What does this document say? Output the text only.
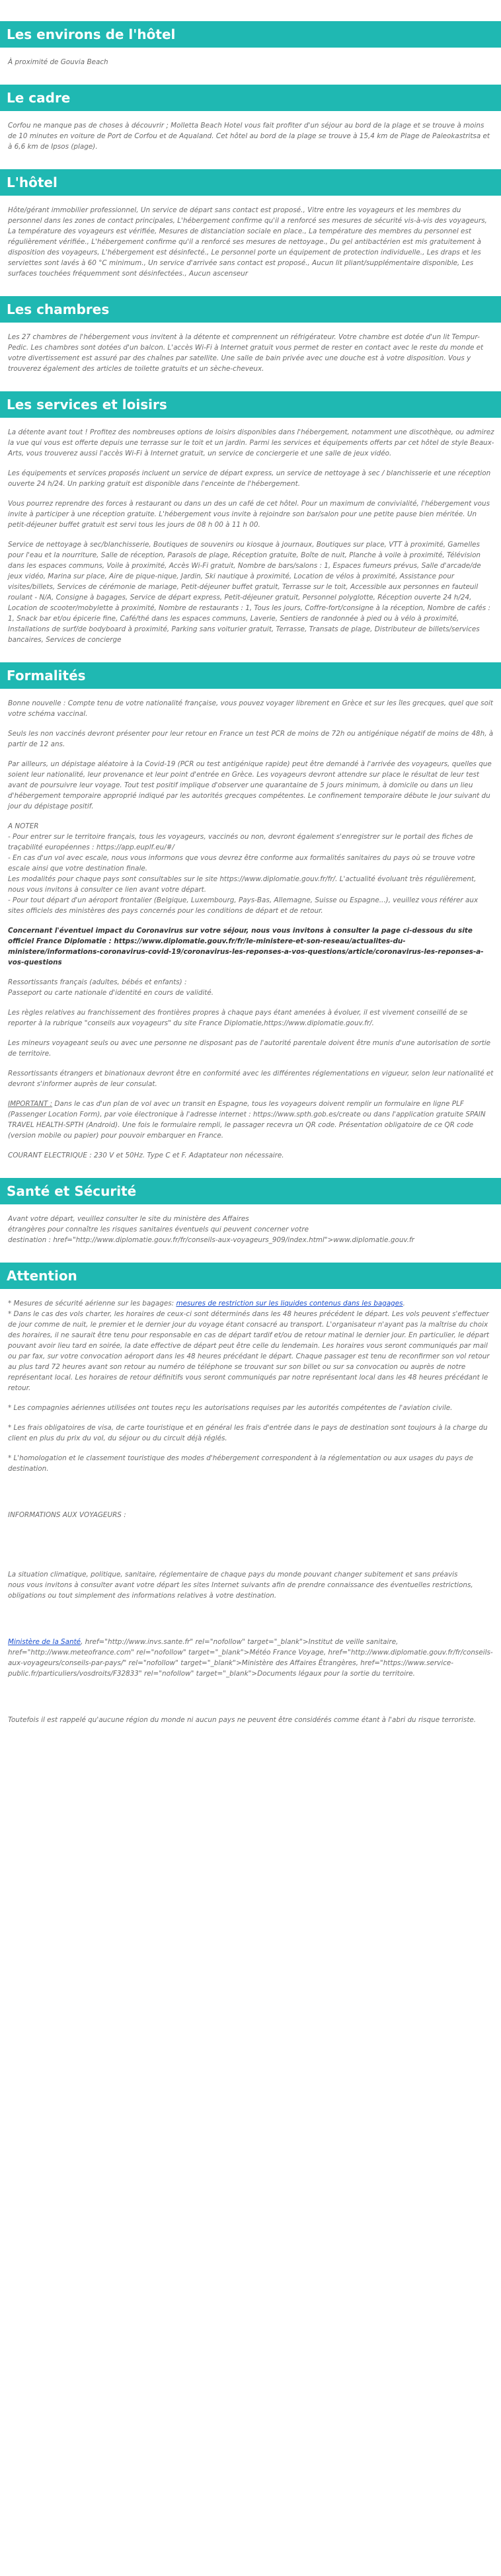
Les environs de l'hôtel

À proximité de Gouvia Beach

Le cadre

Corfou ne manque pas de choses à découvrir ; Molletta Beach Hotel vous fait profiter d'un séjour au bord de la plage et se trouve à moins de 10 minutes en voiture de Port de Corfou et de Aqualand. Cet hôtel au bord de la plage se trouve à 15,4 km de Plage de Paleokastritsa et à 6,6 km de Ipsos (plage).

L'hôtel

Hôte/gérant immobilier professionnel, Un service de départ sans contact est proposé., Vitre entre les voyageurs et les membres du personnel dans les zones de contact principales, L'hébergement confirme qu'il a renforcé ses mesures de sécurité vis-à-vis des voyageurs, La température des voyageurs est vérifiée, Mesures de distanciation sociale en place., La température des membres du personnel est régulièrement vérifiée., L'hébergement confirme qu'il a renforcé ses mesures de nettoyage., Du gel antibactérien est mis gratuitement à disposition des voyageurs, L'hébergement est désinfecté., Le personnel porte un équipement de protection individuelle., Les draps et les serviettes sont lavés à 60 °C minimum., Un service d'arrivée sans contact est proposé., Aucun lit pliant/supplémentaire disponible, Les surfaces touchées fréquemment sont désinfectées., Aucun ascenseur

Les chambres

Les 27 chambres de l'hébergement vous invitent à la détente et comprennent un réfrigérateur. Votre chambre est dotée d'un lit Tempur-Pedic. Les chambres sont dotées d'un balcon. L'accès Wi-Fi à Internet gratuit vous permet de rester en contact avec le reste du monde et votre divertissement est assuré par des chaînes par satellite. Une salle de bain privée avec une douche est à votre disposition. Vous y trouverez également des articles de toilette gratuits et un sèche-cheveux.

Les services et loisirs

La détente avant tout ! Profitez des nombreuses options de loisirs disponibles dans l'hébergement, notamment une discothèque, ou admirez la vue qui vous est offerte depuis une terrasse sur le toit et un jardin. Parmi les services et équipements offerts par cet hôtel de style Beaux-Arts, vous trouverez aussi l'accès Wi-Fi à Internet gratuit, un service de conciergerie et une salle de jeux vidéo.

Les équipements et services proposés incluent un service de départ express, un service de nettoyage à sec / blanchisserie et une réception ouverte 24 h/24. Un parking gratuit est disponible dans l'enceinte de l'hébergement.

Vous pourrez reprendre des forces à restaurant ou dans un des un café de cet hôtel. Pour un maximum de convivialité, l'hébergement vous invite à participer à une réception gratuite. L'hébergement vous invite à rejoindre son bar/salon pour une petite pause bien méritée. Un petit-déjeuner buffet gratuit est servi tous les jours de 08 h 00 à 11 h 00.

Service de nettoyage à sec/blanchisserie, Boutiques de souvenirs ou kiosque à journaux, Boutiques sur place, VTT à proximité, Gamelles pour l'eau et la nourriture, Salle de réception, Parasols de plage, Réception gratuite, Boîte de nuit, Planche à voile à proximité, Télévision dans les espaces communs, Voile à proximité, Accès Wi-Fi gratuit, Nombre de bars/salons : 1, Espaces fumeurs prévus, Salle d'arcade/de jeux vidéo, Marina sur place, Aire de pique-nique, Jardin, Ski nautique à proximité, Location de vélos à proximité, Assistance pour visites/billets, Services de cérémonie de mariage, Petit-déjeuner buffet gratuit, Terrasse sur le toit, Accessible aux personnes en fauteuil roulant - N/A, Consigne à bagages, Service de départ express, Petit-déjeuner gratuit, Personnel polyglotte, Réception ouverte 24 h/24, Location de scooter/mobylette à proximité, Nombre de restaurants : 1, Tous les jours, Coffre-fort/consigne à la réception, Nombre de cafés : 1, Snack bar et/ou épicerie fine, Café/thé dans les espaces communs, Laverie, Sentiers de randonnée à pied ou à vélo à proximité, Installations de surf/de bodyboard à proximité, Parking sans voiturier gratuit, Terrasse, Transats de plage, Distributeur de billets/services bancaires, Services de concierge

Formalités

Bonne nouvelle : Compte tenu de votre nationalité française, vous pouvez voyager librement en Grèce et sur les îles grecques, quel que soit votre schéma vaccinal.

Seuls les non vaccinés devront présenter pour leur retour en France un test PCR de moins de 72h ou antigénique négatif de moins de 48h, à partir de 12 ans.

Par ailleurs, un dépistage aléatoire à la Covid-19 (PCR ou test antigénique rapide) peut être demandé à l'arrivée des voyageurs, quelles que soient leur nationalité, leur provenance et leur point d'entrée en Grèce. Les voyageurs devront attendre sur place le résultat de leur test avant de poursuivre leur voyage. Tout test positif implique d'observer une quarantaine de 5 jours minimum, à domicile ou dans un lieu d'hébergement temporaire approprié indiqué par les autorités grecques compétentes. Le confinement temporaire débute le jour suivant du jour du dépistage positif.

A NOTER
- Pour entrer sur le territoire français, tous les voyageurs, vaccinés ou non, devront également s'enregistrer sur le portail des fiches de traçabilité européennes : https://app.euplf.eu/#/
- En cas d'un vol avec escale, nous vous informons que vous devrez être conforme aux formalités sanitaires du pays où se trouve votre escale ainsi que votre destination finale.
Les modalités pour chaque pays sont consultables sur le site https://www.diplomatie.gouv.fr/fr/. L'actualité évoluant très régulièrement, nous vous invitons à consulter ce lien avant votre départ.
- Pour tout départ d'un aéroport frontalier (Belgique, Luxembourg, Pays-Bas, Allemagne, Suisse ou Espagne...), veuillez vous référer aux sites officiels des ministères des pays concernés pour les conditions de départ et de retour.

Concernant l'éventuel impact du Coronavirus sur votre séjour, nous vous invitons à consulter la page ci-dessous du site officiel France Diplomatie : https://www.diplomatie.gouv.fr/fr/le-ministere-et-son-reseau/actualites-du-ministere/informations-coronavirus-covid-19/coronavirus-les-reponses-a-vos-questions/article/coronavirus-les-reponses-a-vos-questions

Ressortissants français (adultes, bébés et enfants) :
Passeport ou carte nationale d'identité en cours de validité.

Les règles relatives au franchissement des frontières propres à chaque pays étant amenées à évoluer, il est vivement conseillé de se reporter à la rubrique "conseils aux voyageurs" du site France Diplomatie,https://www.diplomatie.gouv.fr/.

Les mineurs voyageant seuls ou avec une personne ne disposant pas de l'autorité parentale doivent être munis d'une autorisation de sortie de territoire.

Ressortissants étrangers et binationaux devront être en conformité avec les différentes réglementations en vigueur, selon leur nationalité et devront s'informer auprès de leur consulat.

IMPORTANT : Dans le cas d'un plan de vol avec un transit en Espagne, tous les voyageurs doivent remplir un formulaire en ligne PLF (Passenger Location Form), par voie électronique à l'adresse internet : https://www.spth.gob.es/create ou dans l'application gratuite SPAIN TRAVEL HEALTH-SPTH (Android). Une fois le formulaire rempli, le passager recevra un QR code. Présentation obligatoire de ce QR code (version mobile ou papier) pour pouvoir embarquer en France.

COURANT ELECTRIQUE : 230 V et 50Hz. Type C et F. Adaptateur non nécessaire.

Santé et Sécurité

Avant votre départ, veuillez consulter le site du ministère des Affaires
étrangères pour connaître les risques sanitaires éventuels qui peuvent concerner votre
destination : href="http://www.diplomatie.gouv.fr/fr/conseils-aux-voyageurs_909/index.html">www.diplomatie.gouv.fr

Attention

* Mesures de sécurité aérienne sur les bagages: mesures de restriction sur les liquides contenus dans les bagages.

* Dans le cas des vols charter, les horaires de ceux-ci sont déterminés dans les 48 heures précédent le départ. Les vols peuvent s'effectuer de jour comme de nuit, le premier et le dernier jour du voyage étant consacré au transport. L'organisateur n'ayant pas la maîtrise du choix des horaires, il ne saurait être tenu pour responsable en cas de départ tardif et/ou de retour matinal le dernier jour. En particulier, le départ pouvant avoir lieu tard en soirée, la date effective de départ peut être celle du lendemain. Les horaires vous seront communiqués par mail ou par fax, sur votre convocation aéroport dans les 48 heures précédant le départ. Chaque passager est tenu de reconfirmer son vol retour au plus tard 72 heures avant son retour au numéro de téléphone se trouvant sur son billet ou sur sa convocation ou auprès de notre représentant local. Les horaires de retour définitifs vous seront communiqués par notre représentant local dans les 48 heures précédant le retour.

* Les compagnies aériennes utilisées ont toutes reçu les autorisations requises par les autorités compétentes de l'aviation civile.

* Les frais obligatoires de visa, de carte touristique et en général les frais d'entrée dans le pays de destination sont toujours à la charge du client en plus du prix du vol, du séjour ou du circuit déjà réglés.

* L'homologation et le classement touristique des modes d'hébergement correspondent à la réglementation ou aux usages du pays de destination.

INFORMATIONS AUX VOYAGEURS :

La situation climatique, politique, sanitaire, réglementaire de chaque pays du monde pouvant changer subitement et sans préavis
nous vous invitons à consulter avant votre départ les sites Internet suivants afin de prendre connaissance des éventuelles restrictions, obligations ou tout simplement des informations relatives à votre destination.

Ministère de la Santé, href="http://www.invs.sante.fr" rel="nofollow" target="_blank">Institut de veille sanitaire, href="http://www.meteofrance.com" rel="nofollow" target="_blank">Météo France Voyage, href="http://www.diplomatie.gouv.fr/fr/conseils-aux-voyageurs/conseils-par-pays/" rel="nofollow" target="_blank">Ministère des Affaires Étrangères, href="https://www.service-public.fr/particuliers/vosdroits/F32833" rel="nofollow" target="_blank">Documents légaux pour la sortie du territoire.

Toutefois il est rappelé qu'aucune région du monde ni aucun pays ne peuvent être considérés comme étant à l'abri du risque terroriste.
